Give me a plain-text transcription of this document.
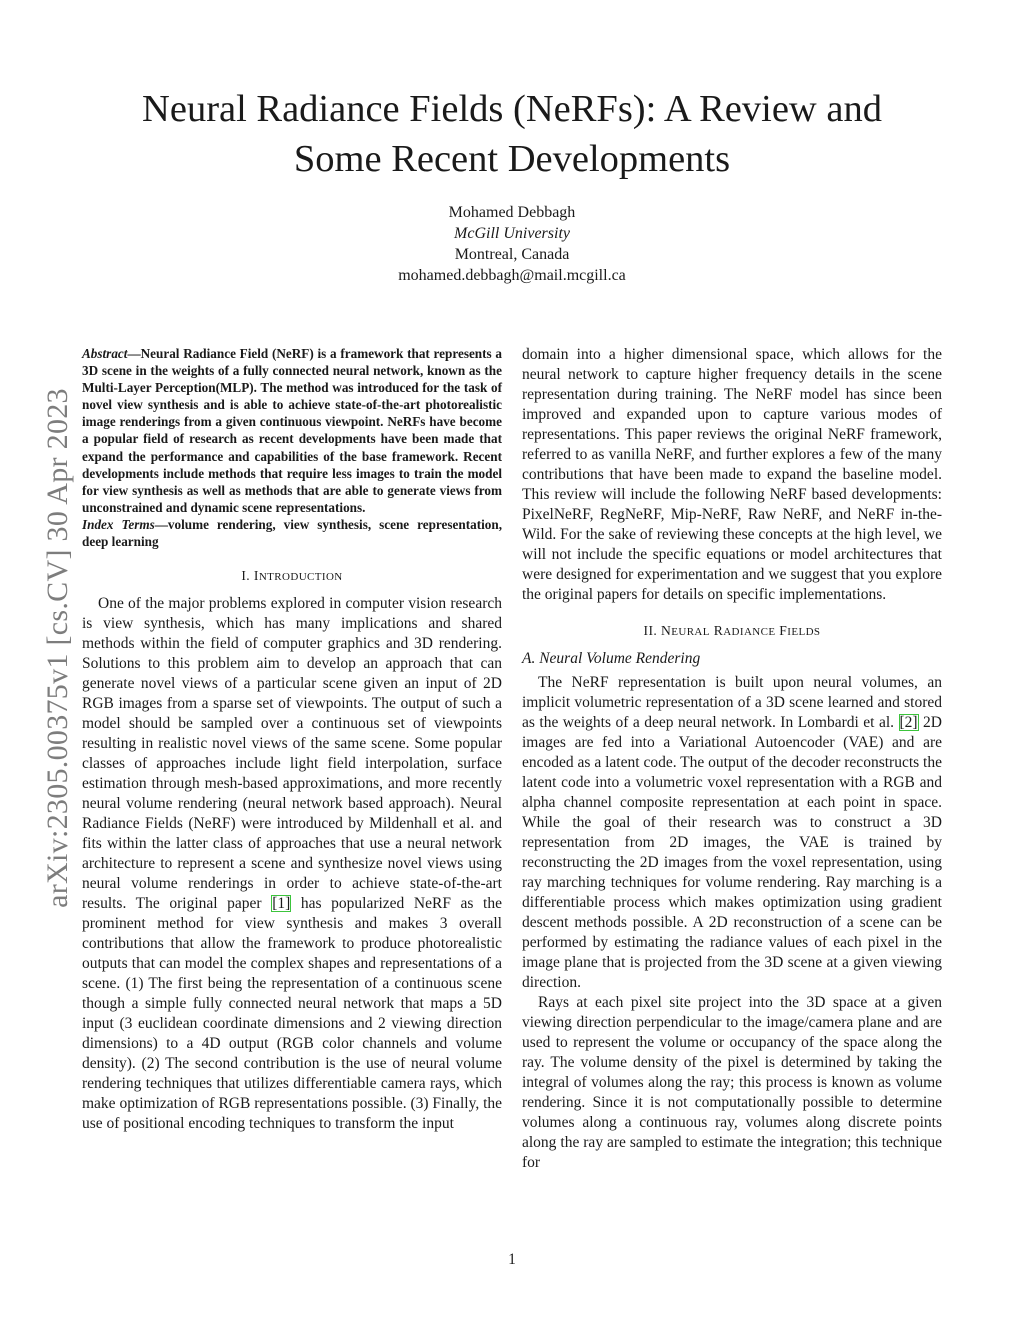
Neural Radiance Fields (NeRFs): A Review and
Some Recent Developments
Mohamed Debbagh
McGill University
Montreal, Canada
mohamed.debbagh@mail.mcgill.ca
arXiv:2305.00375v1 [cs.CV] 30 Apr 2023

Abstract—Neural Radiance Field (NeRF) is a framework that represents a 3D scene in the weights of a fully connected neural network, known as the Multi-Layer Perception(MLP). The method was introduced for the task of novel view synthesis and is able to achieve state-of-the-art photorealistic image renderings from a given continuous viewpoint. NeRFs have become a popular field of research as recent developments have been made that expand the performance and capabilities of the base framework. Recent developments include methods that require less images to train the model for view synthesis as well as methods that are able to generate views from unconstrained and dynamic scene representations.

Index Terms—volume rendering, view synthesis, scene representation, deep learning

I. INTRODUCTION

One of the major problems explored in computer vision research is view synthesis, which has many implications and shared methods within the field of computer graphics and 3D rendering. Solutions to this problem aim to develop an approach that can generate novel views of a particular scene given an input of 2D RGB images from a sparse set of viewpoints. The output of such a model should be sampled over a continuous set of viewpoints resulting in realistic novel views of the same scene. Some popular classes of approaches include light field interpolation, surface estimation through mesh-based approximations, and more recently neural volume rendering (neural network based approach). Neural Radiance Fields (NeRF) were introduced by Mildenhall et al. and fits within the latter class of approaches that use a neural network architecture to represent a scene and synthesize novel views using neural volume renderings in order to achieve state-of-the-art results. The original paper [1] has popularized NeRF as the prominent method for view synthesis and makes 3 overall contributions that allow the framework to produce photorealistic outputs that can model the complex shapes and representations of a scene. (1) The first being the representation of a continuous scene though a simple fully connected neural network that maps a 5D input (3 euclidean coordinate dimensions and 2 viewing direction dimensions) to a 4D output (RGB color channels and volume density). (2) The second contribution is the use of neural volume rendering techniques that utilizes differentiable camera rays, which make optimization of RGB representations possible. (3) Finally, the use of positional encoding techniques to transform the input

domain into a higher dimensional space, which allows for the neural network to capture higher frequency details in the scene representation during training. The NeRF model has since been improved and expanded upon to capture various modes of representations. This paper reviews the original NeRF framework, referred to as vanilla NeRF, and further explores a few of the many contributions that have been made to expand the baseline model. This review will include the following NeRF based developments: PixelNeRF, RegNeRF, Mip-NeRF, Raw NeRF, and NeRF in-the-Wild. For the sake of reviewing these concepts at the high level, we will not include the specific equations or model architectures that were designed for experimentation and we suggest that you explore the original papers for details on specific implementations.

II. NEURAL RADIANCE FIELDS
A. Neural Volume Rendering

The NeRF representation is built upon neural volumes, an implicit volumetric representation of a 3D scene learned and stored as the weights of a deep neural network. In Lombardi et al. [2] 2D images are fed into a Variational Autoencoder (VAE) and are encoded as a latent code. The output of the decoder reconstructs the latent code into a volumetric voxel representation with a RGB and alpha channel composite representation at each point in space. While the goal of their research was to construct a 3D representation from 2D images, the VAE is trained by reconstructing the 2D images from the voxel representation, using ray marching techniques for volume rendering. Ray marching is a differentiable process which makes optimization using gradient descent methods possible. A 2D reconstruction of a scene can be performed by estimating the radiance values of each pixel in the image plane that is projected from the 3D scene at a given viewing direction.

Rays at each pixel site project into the 3D space at a given viewing direction perpendicular to the image/camera plane and are used to represent the volume or occupancy of the space along the ray. The volume density of the pixel is determined by taking the integral of volumes along the ray; this process is known as volume rendering. Since it is not computationally possible to determine volumes along a continuous ray, volumes along discrete points along the ray are sampled to estimate the integration; this technique for

1
